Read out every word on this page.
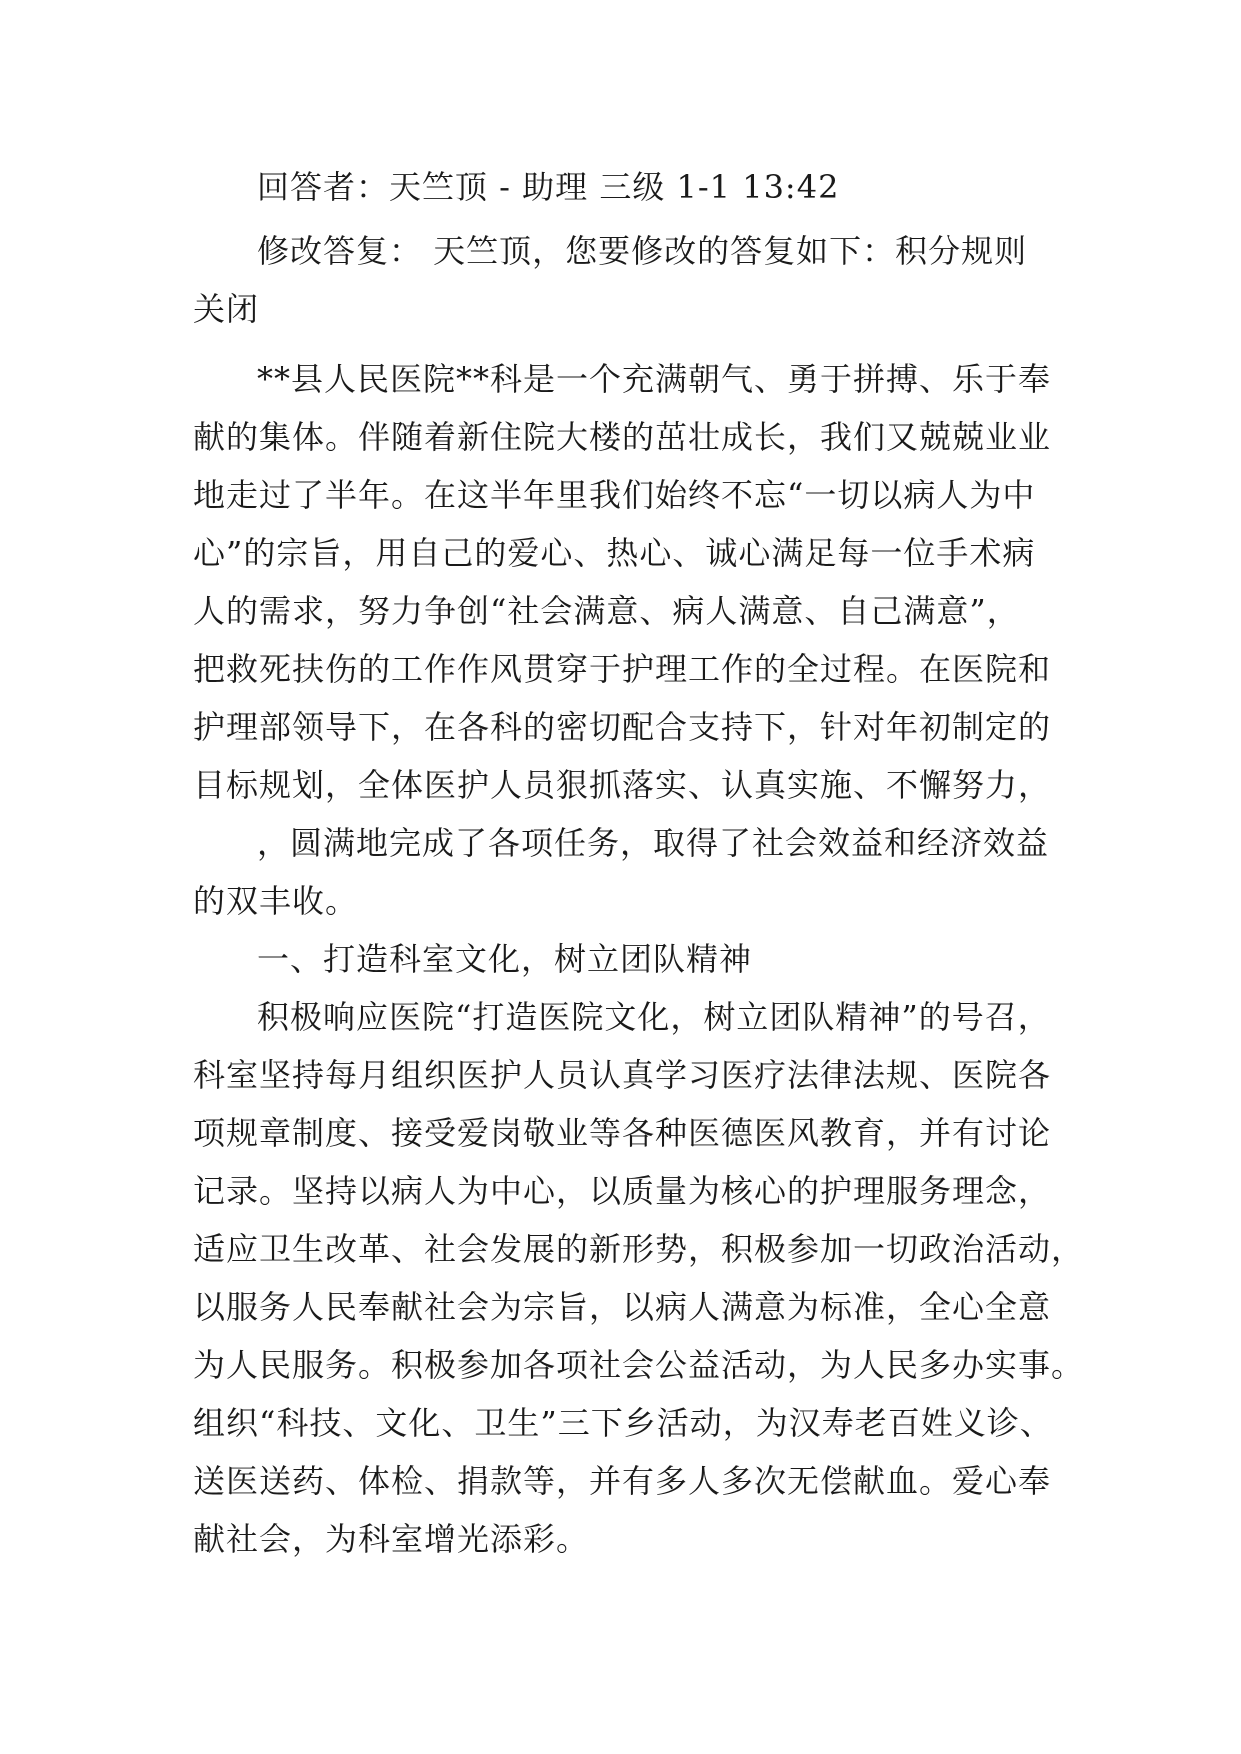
回答者：天竺顶 - 助理 三级 1-1 13:42

修改答复： 天竺顶，您要修改的答复如下：积分规则

关闭

**县人民医院**科是一个充满朝气、勇于拼搏、乐于奉

献的集体。伴随着新住院大楼的茁壮成长，我们又兢兢业业

地走过了半年。在这半年里我们始终不忘“一切以病人为中

心”的宗旨，用自己的爱心、热心、诚心满足每一位手术病

人的需求，努力争创“社会满意、病人满意、自己满意”，

把救死扶伤的工作作风贯穿于护理工作的全过程。在医院和

护理部领导下，在各科的密切配合支持下，针对年初制定的

目标规划，全体医护人员狠抓落实、认真实施、不懈努力，

，圆满地完成了各项任务，取得了社会效益和经济效益

的双丰收。

一、打造科室文化，树立团队精神

积极响应医院“打造医院文化，树立团队精神”的号召，

科室坚持每月组织医护人员认真学习医疗法律法规、医院各

项规章制度、接受爱岗敬业等各种医德医风教育，并有讨论

记录。坚持以病人为中心，以质量为核心的护理服务理念，

适应卫生改革、社会发展的新形势，积极参加一切政治活动，

以服务人民奉献社会为宗旨，以病人满意为标准，全心全意

为人民服务。积极参加各项社会公益活动，为人民多办实事。

组织“科技、文化、卫生”三下乡活动，为汉寿老百姓义诊、

送医送药、体检、捐款等，并有多人多次无偿献血。爱心奉

献社会，为科室增光添彩。
